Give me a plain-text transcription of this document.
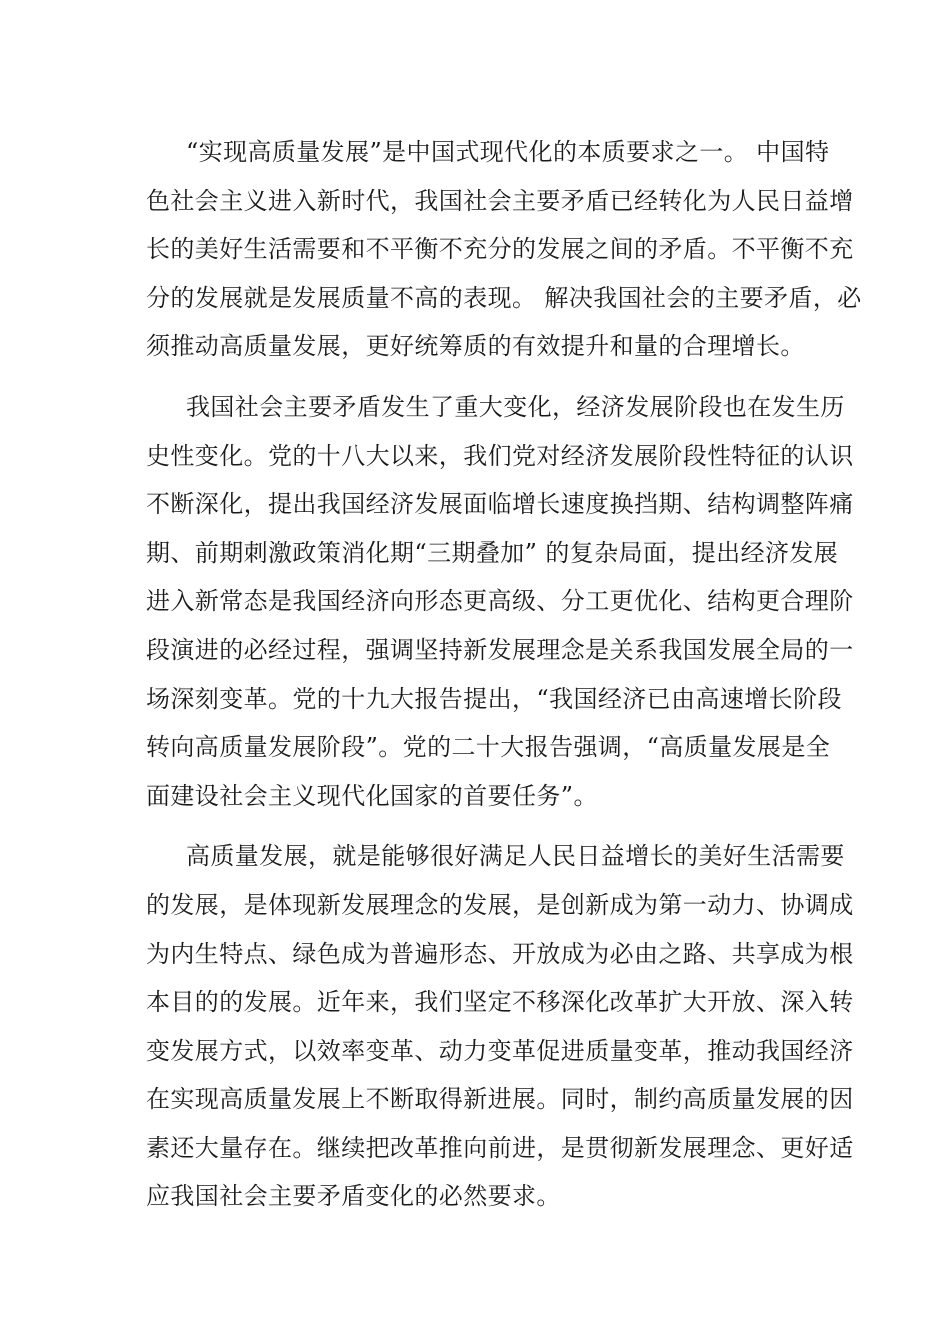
“实现高质量发展”是中国式现代化的本质要求之一。 中国特
色社会主义进入新时代，我国社会主要矛盾已经转化为人民日益增
长的美好生活需要和不平衡不充分的发展之间的矛盾。不平衡不充
分的发展就是发展质量不高的表现。 解决我国社会的主要矛盾，必
须推动高质量发展，更好统筹质的有效提升和量的合理增长。
我国社会主要矛盾发生了重大变化，经济发展阶段也在发生历
史性变化。党的十八大以来，我们党对经济发展阶段性特征的认识
不断深化，提出我国经济发展面临增长速度换挡期、结构调整阵痛
期、前期刺激政策消化期“三期叠加” 的复杂局面，提出经济发展
进入新常态是我国经济向形态更高级、分工更优化、结构更合理阶
段演进的必经过程，强调坚持新发展理念是关系我国发展全局的一
场深刻变革。党的十九大报告提出，“我国经济已由高速增长阶段
转向高质量发展阶段”。党的二十大报告强调，“高质量发展是全
面建设社会主义现代化国家的首要任务”。
高质量发展，就是能够很好满足人民日益增长的美好生活需要
的发展，是体现新发展理念的发展，是创新成为第一动力、协调成
为内生特点、绿色成为普遍形态、开放成为必由之路、共享成为根
本目的的发展。近年来，我们坚定不移深化改革扩大开放、深入转
变发展方式，以效率变革、动力变革促进质量变革，推动我国经济
在实现高质量发展上不断取得新进展。同时，制约高质量发展的因
素还大量存在。继续把改革推向前进，是贯彻新发展理念、更好适
应我国社会主要矛盾变化的必然要求。
